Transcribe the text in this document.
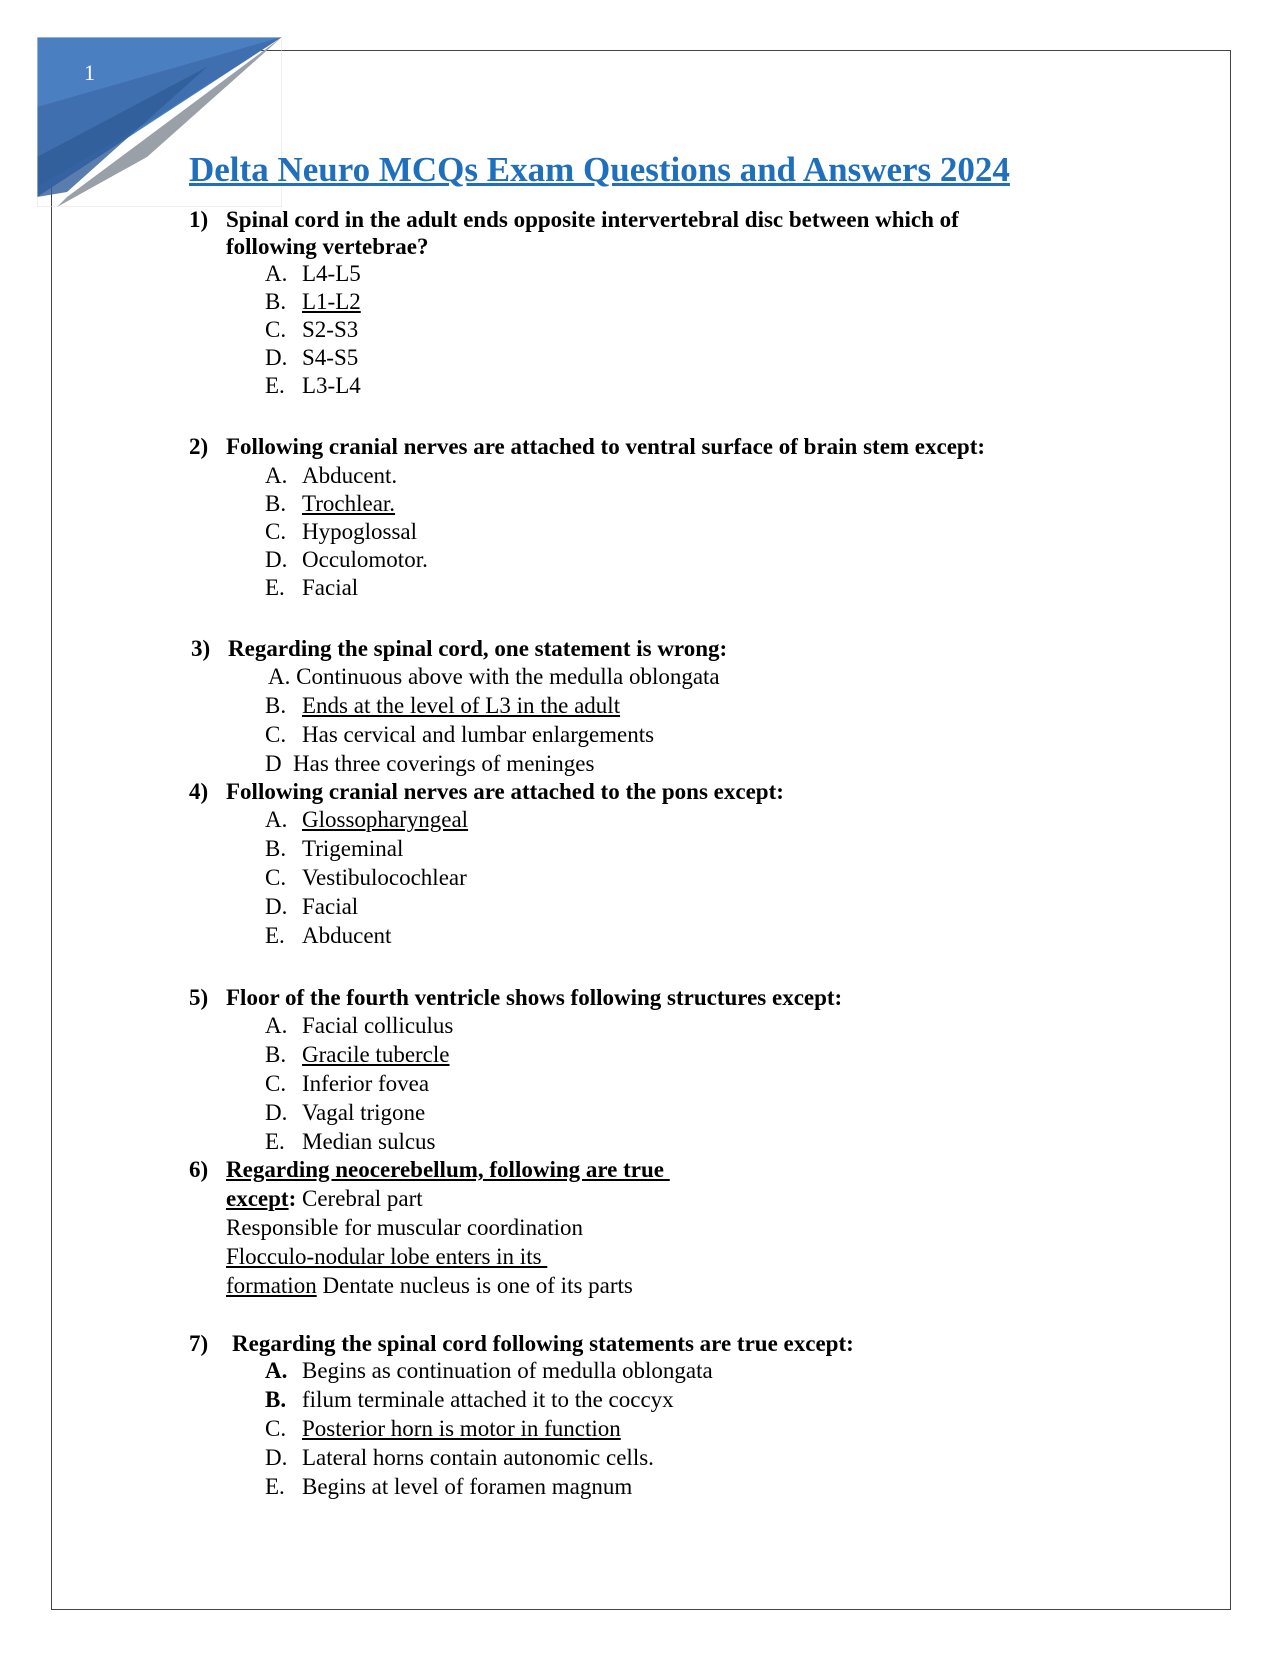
1
Delta Neuro MCQs Exam Questions and Answers 2024
1) Spinal cord in the adult ends opposite intervertebral disc between which of
following vertebrae?
A. L4-L5
B. L1-L2
C. S2-S3
D. S4-S5
E. L3-L4
2) Following cranial nerves are attached to ventral surface of brain stem except:
A. Abducent.
B. Trochlear.
C. Hypoglossal
D. Occulomotor.
E. Facial
3) Regarding the spinal cord, one statement is wrong:
A. Continuous above with the medulla oblongata
B. Ends at the level of L3 in the adult
C. Has cervical and lumbar enlargements
D Has three coverings of meninges
4) Following cranial nerves are attached to the pons except:
A. Glossopharyngeal
B. Trigeminal
C. Vestibulocochlear
D. Facial
E. Abducent
5) Floor of the fourth ventricle shows following structures except:
A. Facial colliculus
B. Gracile tubercle
C. Inferior fovea
D. Vagal trigone
E. Median sulcus
6) Regarding neocerebellum, following are true
except: Cerebral part
Responsible for muscular coordination
Flocculo-nodular lobe enters in its
formation Dentate nucleus is one of its parts
7) Regarding the spinal cord following statements are true except:
A. Begins as continuation of medulla oblongata
B. filum terminale attached it to the coccyx
C. Posterior horn is motor in function
D. Lateral horns contain autonomic cells.
E. Begins at level of foramen magnum
